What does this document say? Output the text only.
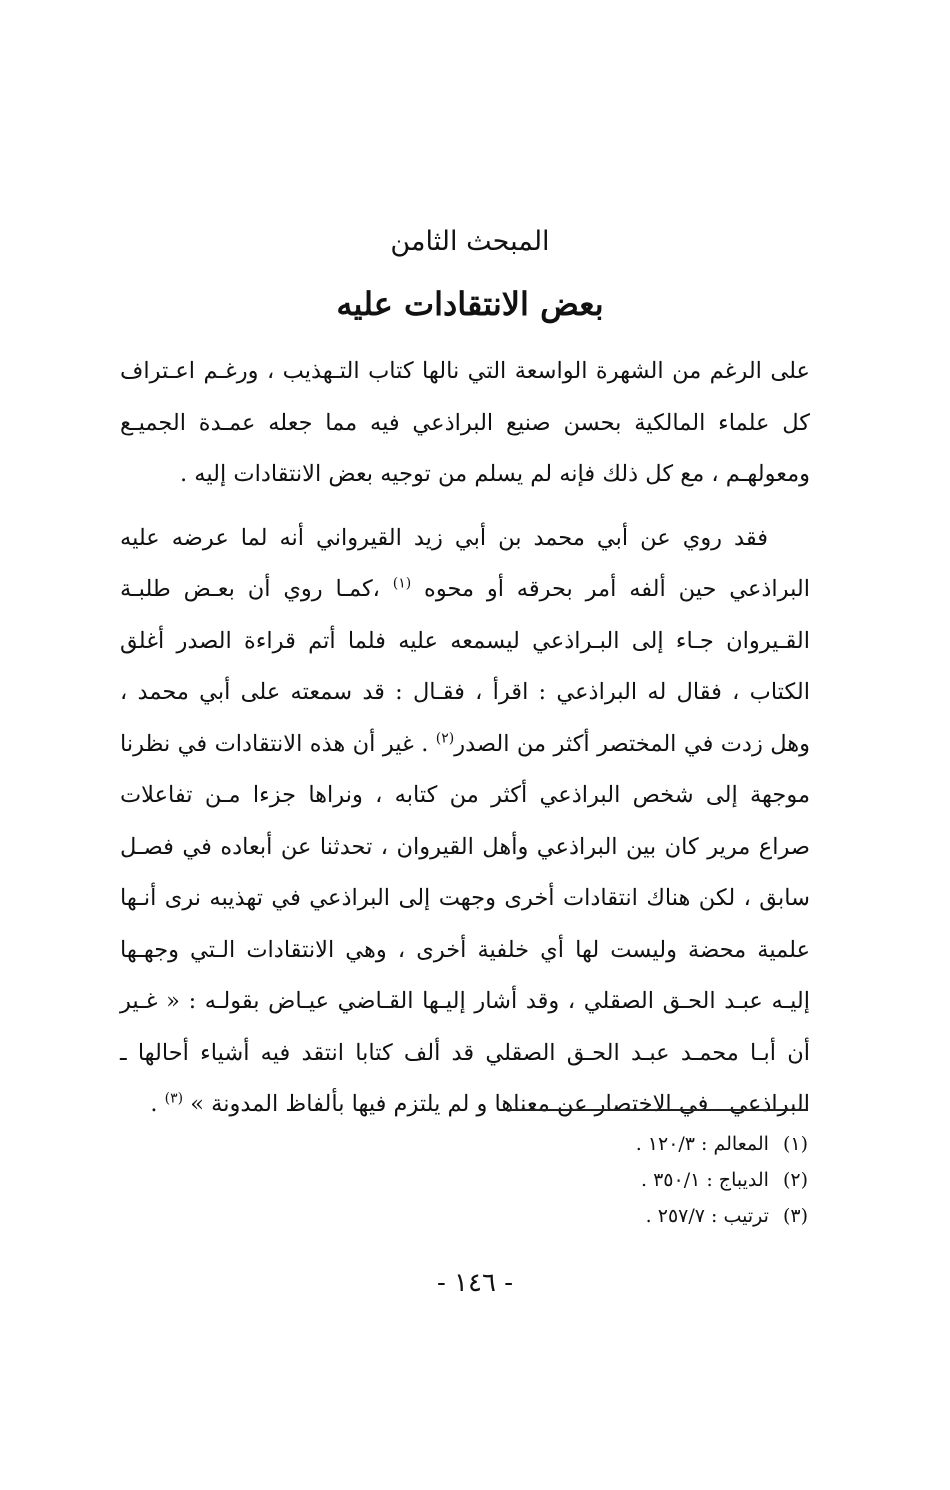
المبحث الثامن
بعض الانتقادات عليه

على الرغم من الشهرة الواسعة التي نالها كتاب التـهذيب ، ورغـم اعـتراف كل علماء المالكية بحسن صنيع البراذعي فيه مما جعله عمـدة الجميـع ومعولهـم ، مع كل ذلك فإنه لم يسلم من توجيه بعض الانتقادات إليه .

فقد روي عن أبي محمد بن أبي زيد القيرواني أنه لما عرضه عليه البراذعي حين ألفه أمر بحرقه أو محوه $^{(١)}$ ،كمـا روي أن بعـض طلبـة القـيروان جـاء إلى البـراذعي ليسمعه عليه فلما أتم قراءة الصدر أغلق الكتاب ، فقال له البراذعي : اقرأ ، فقـال : قد سمعته على أبي محمد ، وهل زدت في المختصر أكثر من الصدر$^{(٢)}$ . غير أن هذه الانتقادات في نظرنا موجهة إلى شخص البراذعي أكثر من كتابه ، ونراها جزءا مـن تفاعلات صراع مرير كان بين البراذعي وأهل القيروان ، تحدثنا عن أبعاده في فصـل سابق ، لكن هناك انتقادات أخرى وجهت إلى البراذعي في تهذيبه نرى أنـها علمية محضة وليست لها أي خلفية أخرى ، وهي الانتقادات الـتي وجهـها إليـه عبـد الحـق الصقلي ، وقد أشار إليـها القـاضي عيـاض بقولـه : « غـير أن أبـا محمـد عبـد الحـق الصقلي قد ألف كتابا انتقد فيه أشياء أحالها ـ البراذعي ـ في الاختصار عن معناها و لم يلتزم فيها بألفاظ المدونة » $^{(٣)}$ .

(١)المعالم : ١٢٠/٣ .

(٢)الديباج : ٣٥٠/١ .

(٣)ترتيب : ٢٥٧/٧ .

- ١٤٦ -
